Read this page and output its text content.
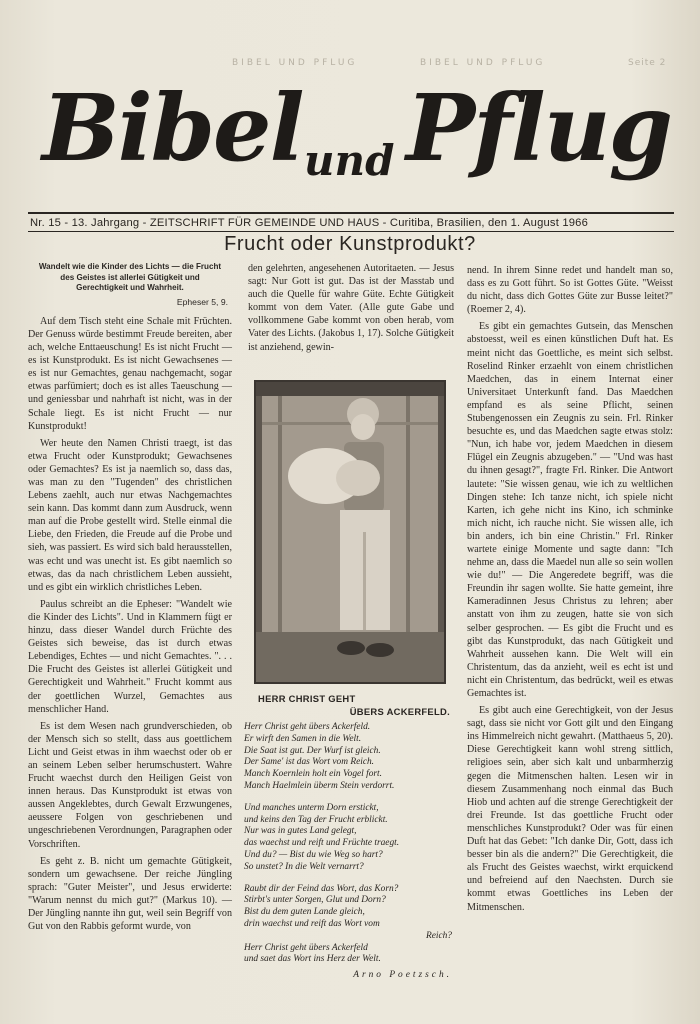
BIBEL UND PFLUG	BIBEL UND PFLUG	Seite 2
Bibel und Pflug
Nr. 15 - 13. Jahrgang - ZEITSCHRIFT FÜR GEMEINDE UND HAUS - Curitiba, Brasilien, den 1. August 1966
Frucht oder Kunstprodukt?
Wandelt wie die Kinder des Lichts — die Frucht des Geistes ist allerlei Gütigkeit und Gerechtigkeit und Wahrheit.
Epheser 5, 9.

Auf dem Tisch steht eine Schale mit Früchten. Der Genuss würde bestimmt Freude bereiten, aber ach, welche Enttaeuschung! Es ist nicht Frucht — es ist Kunstprodukt. Es ist nicht Gewachsenes — es ist nur Gemachtes, genau nachgemacht, sogar etwas parfümiert; doch es ist alles Taeuschung — und geniessbar und nahrhaft ist nicht, was in der Schale liegt. Es ist nicht Frucht — nur Kunstprodukt!

Wer heute den Namen Christi traegt, ist das etwa Frucht oder Kunstprodukt; Gewachsenes oder Gemachtes? Es ist ja naemlich so, dass das, was man zu den "Tugenden" des christlichen Lebens zaehlt, auch nur etwas Nachgemachtes sein kann. Das kommt dann zum Ausdruck, wenn man auf die Probe gestellt wird. Stelle einmal die Liebe, den Frieden, die Freude auf die Probe und sieh, was passiert. Es wird sich bald herausstellen, was echt und was unecht ist. Es gibt naemlich so etwas, das da nach christlichem Leben aussieht, und es gibt ein wirklich christliches Leben.

Paulus schreibt an die Epheser: "Wandelt wie die Kinder des Lichts". Und in Klammern fügt er hinzu, dass dieser Wandel durch Früchte des Geistes sich beweise, das ist durch etwas Lebendiges, Echtes — und nicht Gemachtes. ". . . Die Frucht des Geistes ist allerlei Gütigkeit und Gerechtigkeit und Wahrheit." Frucht kommt aus der goettlichen Wurzel, Gemachtes aus menschlicher Hand.

Es ist dem Wesen nach grundverschieden, ob der Mensch sich so stellt, dass aus goettlichem Licht und Geist etwas in ihm waechst oder ob er an seinem Leben selber herumschustert. Wahre Frucht waechst durch den Heiligen Geist von innen heraus. Das Kunstprodukt ist etwas von aussen Angeklebtes, durch Gewalt Erzwungenes, aeussere Folgen von geschriebenen und ungeschriebenen Verordnungen, Paragraphen oder Vorschriften.

Es geht z. B. nicht um gemachte Gütigkeit, sondern um gewachsene. Der reiche Jüngling sprach: "Guter Meister", und Jesus erwiderte: "Warum nennst du mich gut?" (Markus 10). — Der Jüngling nannte ihn gut, weil sein Begriff von Gut von den Rabbis geformt wurde, von

den gelehrten, angesehenen Autoritaeten. — Jesus sagt: Nur Gott ist gut. Das ist der Masstab und auch die Quelle für wahre Güte. Echte Gütigkeit kommt von dem Vater. (Alle gute Gabe und vollkommene Gabe kommt von oben herab, vom Vater des Lichts. (Jakobus 1, 17). Solche Gütigkeit ist anziehend, gewin-

HERR CHRIST GEHT
ÜBERS ACKERFELD.
Herr Christ geht übers Ackerfeld.
Er wirft den Samen in die Welt.
Die Saat ist gut. Der Wurf ist gleich.
Der Same' ist das Wort vom Reich.
Manch Koernlein holt ein Vogel fort.
Manch Haelmlein überm Stein verdorrt.
Und manches unterm Dorn erstickt,
und keins den Tag der Frucht erblickt.
Nur was in gutes Land gelegt,
das waechst und reift und Früchte traegt.
Und du? — Bist du wie Weg so hart?
So unstet? In die Welt vernarrt?
Raubt dir der Feind das Wort, das Korn?
Stirbt's unter Sorgen, Glut und Dorn?
Bist du dem guten Lande gleich,
drin waechst und reift das Wort vom
Reich?
Herr Christ geht übers Ackerfeld
und saet das Wort ins Herz der Welt.
Arno Poetzsch.

nend. In ihrem Sinne redet und handelt man so, dass es zu Gott führt. So ist Gottes Güte. "Weisst du nicht, dass dich Gottes Güte zur Busse leitet?" (Roemer 2, 4).

Es gibt ein gemachtes Gutsein, das Menschen abstoesst, weil es einen künstlichen Duft hat. Es meint nicht das Goettliche, es meint sich selbst. Roselind Rinker erzaehlt von einem christlichen Maedchen, das in einem Internat einer Universitaet Unterkunft fand. Das Maedchen empfand es als seine Pflicht, seinen Stubengenossen ein Zeugnis zu sein. Frl. Rinker besuchte es, und das Maedchen sagte etwas stolz: "Nun, ich habe vor, jedem Maedchen in diesem Flügel ein Zeugnis abzugeben." — "Und was hast du ihnen gesagt?", fragte Frl. Rinker. Die Antwort lautete: "Sie wissen genau, wie ich zu weltlichen Dingen stehe: Ich tanze nicht, ich spiele nicht Karten, ich gehe nicht ins Kino, ich schminke mich nicht, ich rauche nicht. Sie wissen alle, ich bin anders, ich bin eine Christin." Frl. Rinker wartete einige Momente und sagte dann: "Ich nehme an, dass die Maedel nun alle so sein wollen wie du!" — Die Angeredete begriff, was die Freundin ihr sagen wollte. Sie hatte gemeint, ihre Kameradinnen Jesus Christus zu lehren; aber anstatt von ihm zu zeugen, hatte sie von sich selber gesprochen. — Es gibt die Frucht und es gibt das Kunstprodukt, das nach Gütigkeit und Wahrheit aussehen kann. Die Welt will ein Christentum, das da anzieht, weil es echt ist und nicht ein Christentum, das bedrückt, weil es etwas Gemachtes ist.

Es gibt auch eine Gerechtigkeit, von der Jesus sagt, dass sie nicht vor Gott gilt und den Eingang ins Himmelreich nicht gewahrt. (Matthaeus 5, 20). Diese Gerechtigkeit kann wohl streng sittlich, religioes sein, aber sich kalt und unbarmherzig gegen die Mitmenschen halten. Lesen wir in diesem Zusammenhang noch einmal das Buch Hiob und achten auf die strenge Gerechtigkeit der drei Freunde. Ist das goettliche Frucht oder menschliches Kunstprodukt? Oder was für einen Duft hat das Gebet: "Ich danke Dir, Gott, dass ich besser bin als die andern?" Die Gerechtigkeit, die als Frucht des Geistes waechst, wirkt erquickend und befreiend auf den Naechsten. Durch sie kommt etwas Goettliches ins Leben der Mitmenschen.
